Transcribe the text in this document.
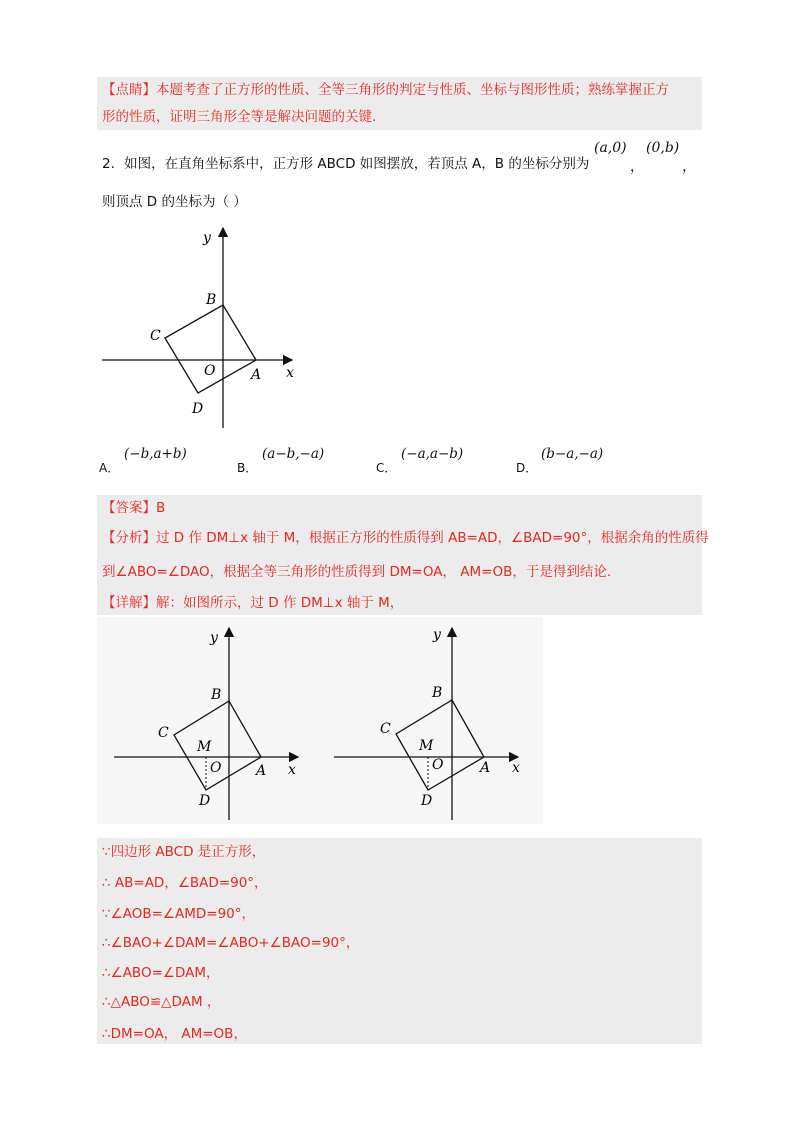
【点睛】本题考查了正方形的性质、全等三角形的判定与性质、坐标与图形性质；熟练掌握正方
形的性质，证明三角形全等是解决问题的关键.
2．如图，在直角坐标系中，正方形 ABCD 如图摆放，若顶点 A，B 的坐标分别为
(a,0)
，
(0,b)
，
则顶点 D 的坐标为（ ）
y
x
B
C
O	A
D
A．
(−b,a+b)
B．
(a−b,−a)
C．
(−a,a−b)
D．
(b−a,−a)
【答案】B
【分析】过 D 作 DM⊥x 轴于 M，根据正方形的性质得到 AB=AD，∠BAD=90°，根据余角的性质得
到∠ABO=∠DAO，根据全等三角形的性质得到 DM=OA， AM=OB，于是得到结论.
【详解】解：如图所示，过 D 作 DM⊥x 轴于 M，
y
x
B
C
M
O A
D
y
x
B
C
M
O	A
D
∵四边形 ABCD 是正方形，
∴ AB=AD，∠BAD=90°，
∵∠AOB=∠AMD=90°，
∴∠BAO+∠DAM=∠ABO+∠BAO=90°，
∴∠ABO=∠DAM，
∴△ABO≌△DAM ，
∴DM=OA， AM=OB，
